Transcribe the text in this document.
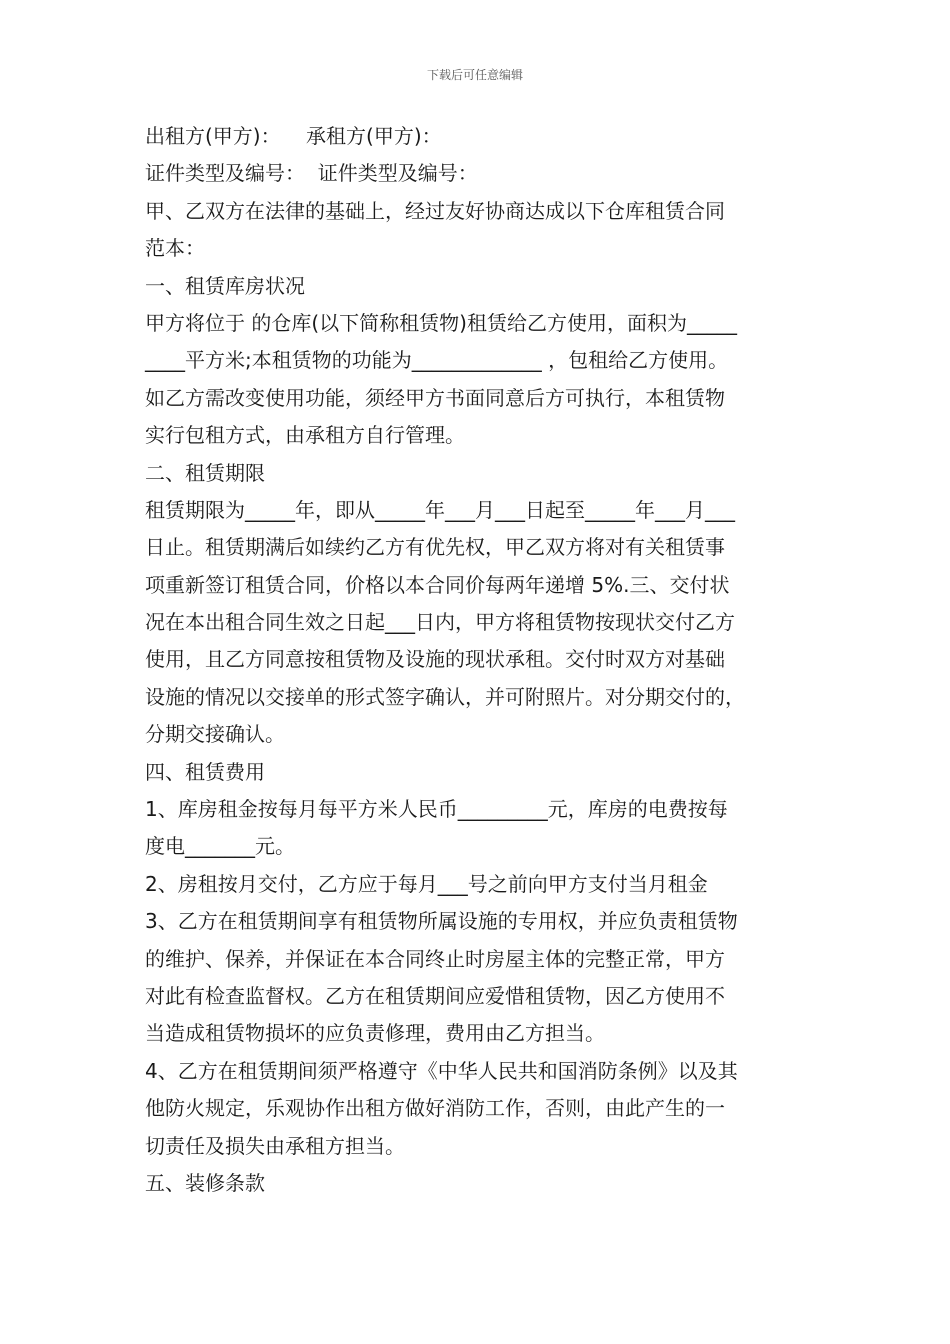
下载后可任意编辑
出租方(甲方)：    承租方(甲方)：
证件类型及编号：  证件类型及编号：
甲、乙双方在法律的基础上，经过友好协商达成以下仓库租赁合同
范本：
一、租赁库房状况
甲方将位于 的仓库(以下简称租赁物)租赁给乙方使用，面积为_____
____平方米;本租赁物的功能为_____________ ，包租给乙方使用。
如乙方需改变使用功能，须经甲方书面同意后方可执行，本租赁物
实行包租方式，由承租方自行管理。
二、租赁期限
租赁期限为_____年，即从_____年___月___日起至_____年___月___
日止。租赁期满后如续约乙方有优先权，甲乙双方将对有关租赁事
项重新签订租赁合同，价格以本合同价每两年递增 5%.三、交付状
况在本出租合同生效之日起___日内，甲方将租赁物按现状交付乙方
使用，且乙方同意按租赁物及设施的现状承租。交付时双方对基础
设施的情况以交接单的形式签字确认，并可附照片。对分期交付的，
分期交接确认。
四、租赁费用
1、库房租金按每月每平方米人民币_________元，库房的电费按每
度电_______元。
2、房租按月交付，乙方应于每月___号之前向甲方支付当月租金
3、乙方在租赁期间享有租赁物所属设施的专用权，并应负责租赁物
的维护、保养，并保证在本合同终止时房屋主体的完整正常，甲方
对此有检查监督权。乙方在租赁期间应爱惜租赁物，因乙方使用不
当造成租赁物损坏的应负责修理，费用由乙方担当。
4、乙方在租赁期间须严格遵守《中华人民共和国消防条例》以及其
他防火规定，乐观协作出租方做好消防工作，否则，由此产生的一
切责任及损失由承租方担当。
五、装修条款
